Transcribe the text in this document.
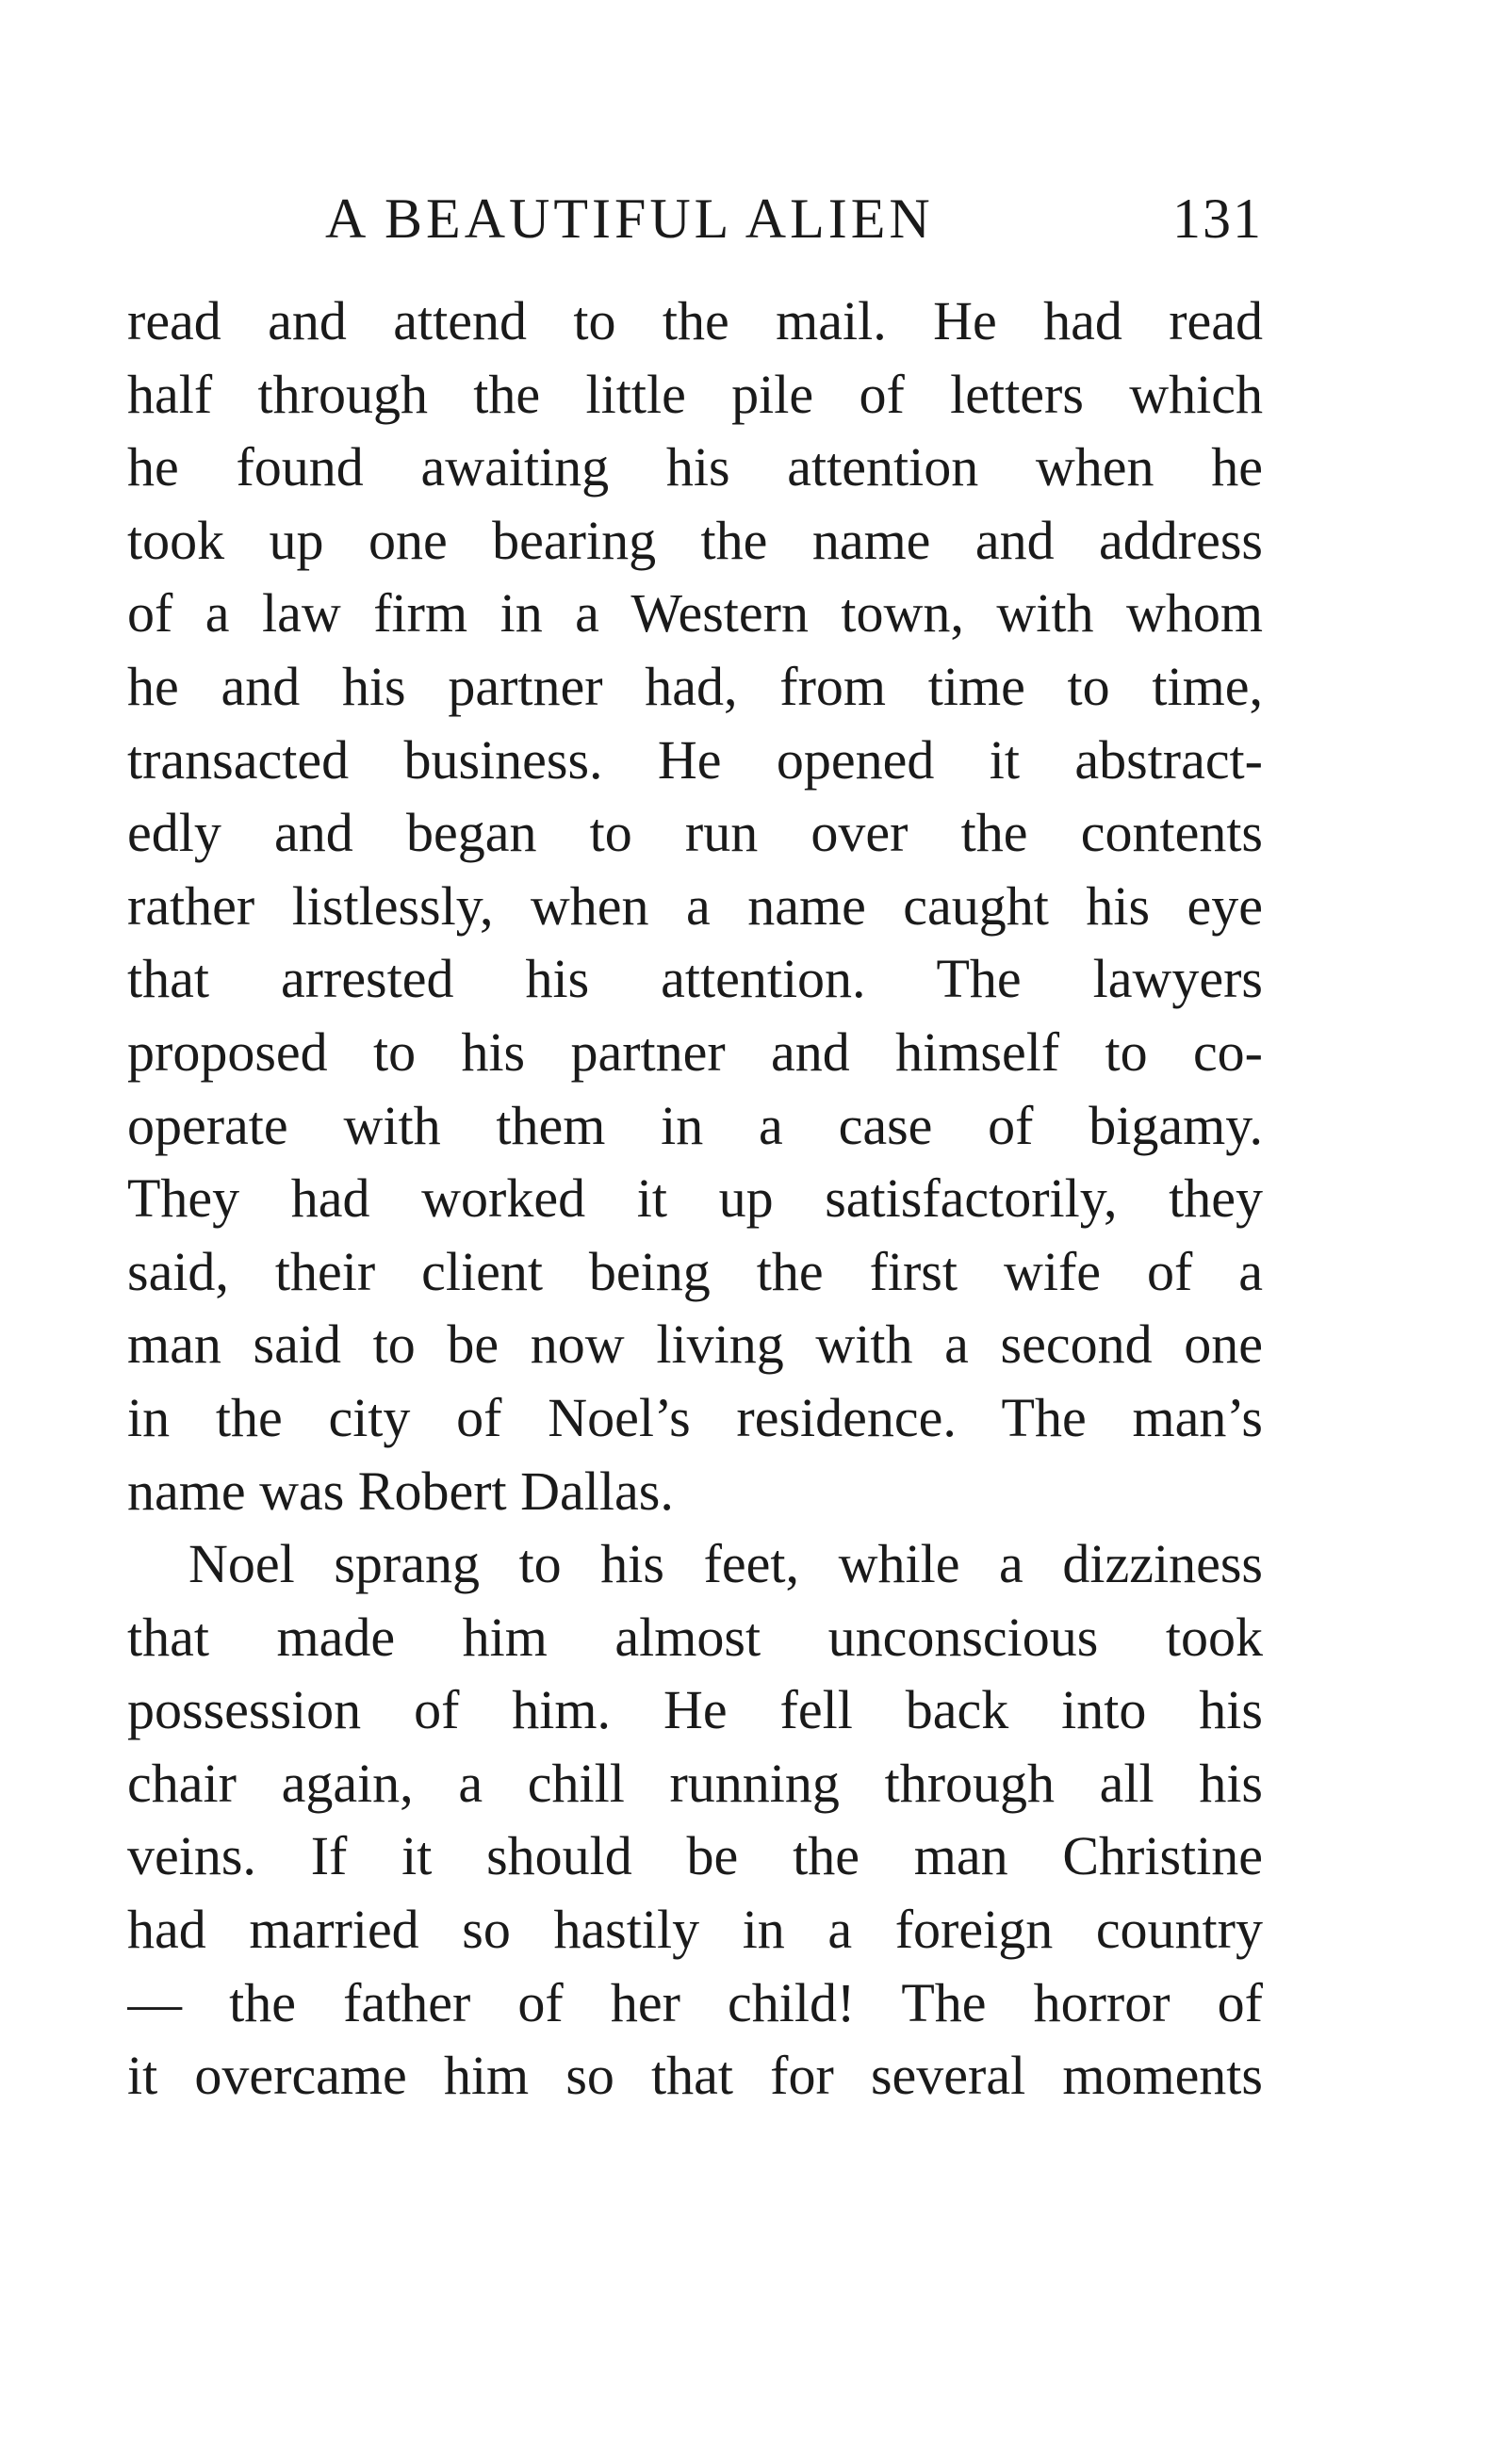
A BEAUTIFUL ALIEN	131
read and attend to the mail. He had read
half through the little pile of letters which
he found awaiting his attention when he
took up one bearing the name and address
of a law firm in a Western town, with whom
he and his partner had, from time to time,
transacted business. He opened it abstract-
edly and began to run over the contents
rather listlessly, when a name caught his eye
that arrested his attention. The lawyers
proposed to his partner and himself to co-
operate with them in a case of bigamy.
They had worked it up satisfactorily, they
said, their client being the first wife of a
man said to be now living with a second one
in the city of Noel’s residence. The man’s
name was Robert Dallas.
Noel sprang to his feet, while a dizziness
that made him almost unconscious took
possession of him. He fell back into his
chair again, a chill running through all his
veins. If it should be the man Christine
had married so hastily in a foreign country
— the father of her child! The horror of
it overcame him so that for several moments
